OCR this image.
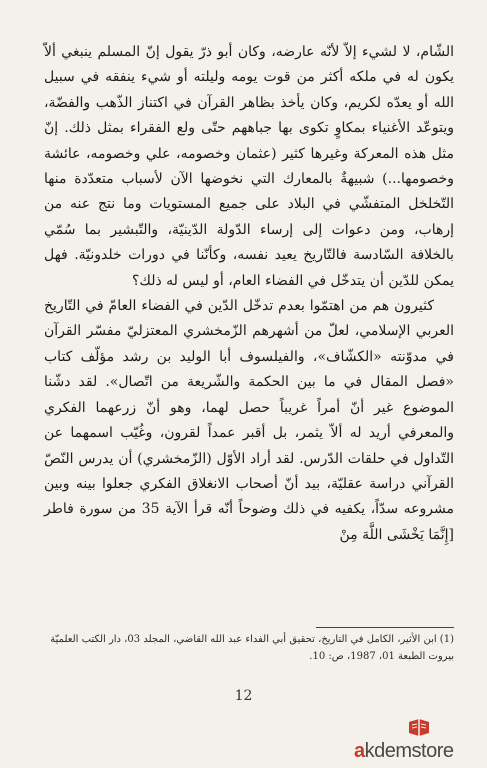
الشّام، لا لشيء إلاّ لأنّه عارضه، وكان أبو ذرّ يقول إنّ المسلم ينبغي ألاّ يكون له في ملكه أكثر من قوت يومه وليلته أو شيء ينفقه في سبيل الله أو يعدّه لكريم، وكان يأخذ بظاهر القرآن في اكتناز الذّهب والفضّة، ويتوعّد الأغنياء بمكاوٍ تكوى بها جباههم حتّى ولع الفقراء بمثل ذلك. إنّ مثل هذه المعركة وغيرها كثير (عثمان وخصومه، علي وخصومه، عائشة وخصومها...) شبيهةٌ بالمعارك التي نخوضها الآن لأسباب متعدّدة منها التّخلخل المتفشّي في البلاد على جميع المستويات وما نتج عنه من إرهاب، ومن دعوات إلى إرساء الدّولة الدّينيّة، والتّبشير بما سُمّي بالخلافة السّادسة فالتّاريخ يعيد نفسه، وكأنّنا في دورات خلدونيّة. فهل يمكن للدّين أن يتدخّل في الفضاء العام، أو ليس له ذلك؟

كثيرون هم من اهتمّوا بعدم تدخّل الدّين في الفضاء العامّ في التّاريخ العربي الإسلامي، لعلّ من أشهرهم الزّمخشري المعتزليّ مفسّر القرآن في مدوّنته «الكشّاف»، والفيلسوف أبا الوليد بن رشد مؤلّف كتاب «فصل المقال في ما بين الحكمة والشّريعة من اتّصال». لقد دشّنا الموضوع غير أنّ أمراً غريباً حصل لهما، وهو أنّ زرعهما الفكري والمعرفي أريد له ألاّ يثمر، بل أقبر عمداً لقرون، وغُيّب اسمهما عن التّداول في حلقات الدّرس. لقد أراد الأوّل (الزّمخشري) أن يدرس النّصّ القرآني دراسة عقليّة، بيد أنّ أصحاب الانغلاق الفكري جعلوا بينه وبين مشروعه سدّاً، يكفيه في ذلك وضوحاً أنّه قرأ الآية 35 من سورة فاطر [إِنَّمَا يَخْشَى اللَّهَ مِنْ

(1) ابن الأثير، الكامل في التاريخ، تحقيق أبي الفداء عبد الله القاضي، المجلد 03، دار الكتب العلميّة بيروت الطبعة 01، 1987، ص: 10.
12
akdemstore
